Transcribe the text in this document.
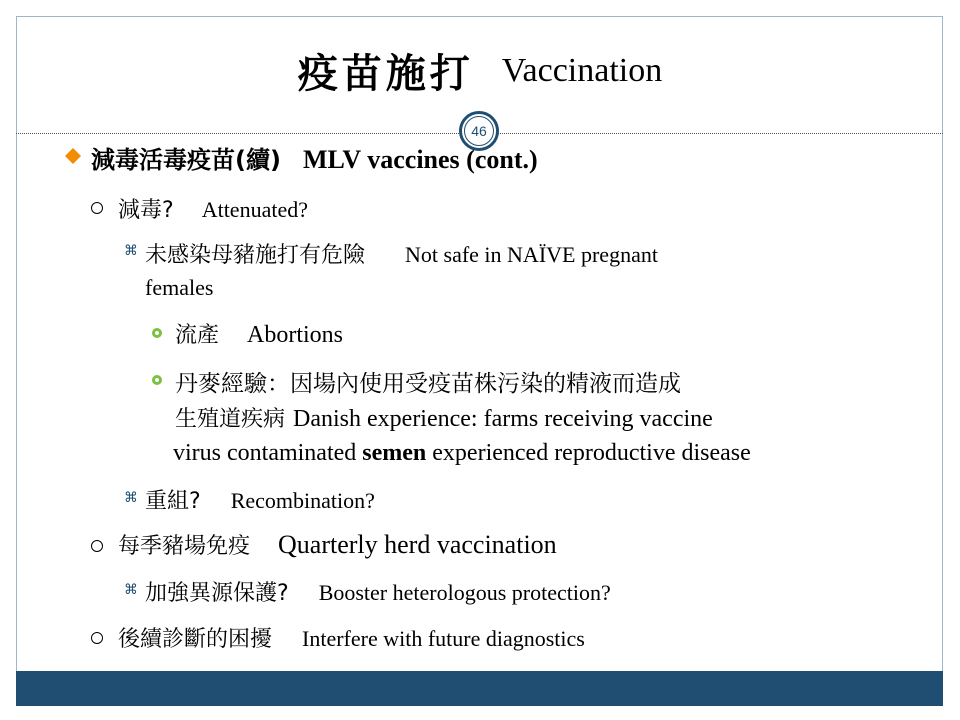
疫苗施打 Vaccination
46
減毒活毒疫苗(續) MLV vaccines (cont.)
減毒? Attenuated?
⌘ 未感染母豬施打有危險 Not safe in NAÏVE pregnant
females
流產 Abortions
丹麥經驗：因場內使用受疫苗株污染的精液而造成
生殖道疾病 Danish experience: farms receiving vaccine
virus contaminated semen experienced reproductive disease
⌘ 重組? Recombination?
每季豬場免疫 Quarterly herd vaccination
⌘ 加強異源保護? Booster heterologous protection?
後續診斷的困擾 Interfere with future diagnostics
